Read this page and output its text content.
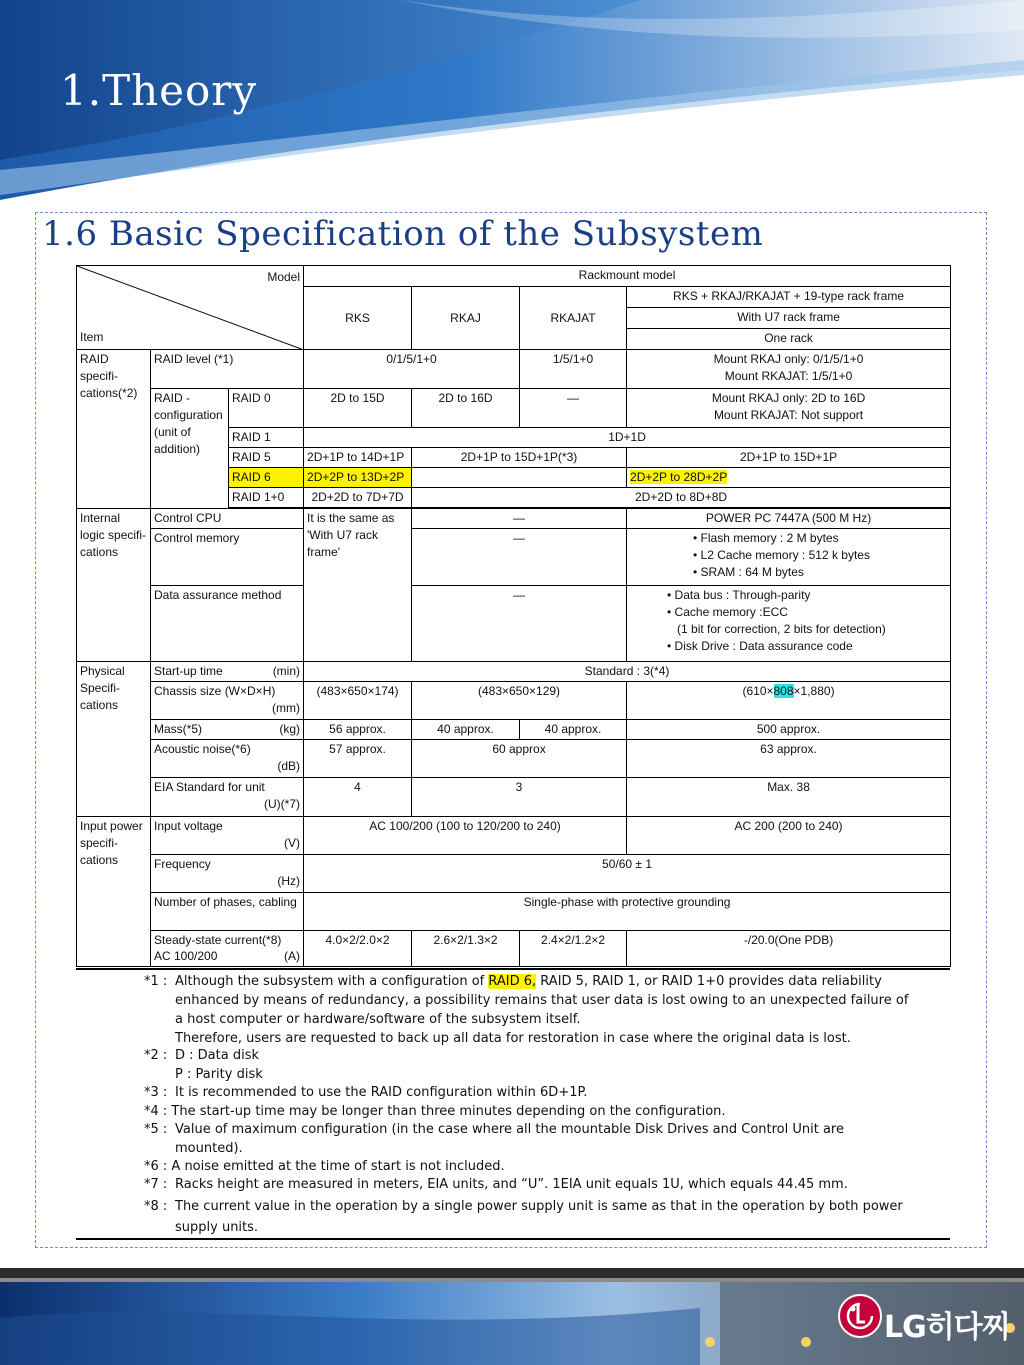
1.Theory
1.6 Basic Specification of the Subsystem
Model
Item			Rackmount model			
			RKS	RKAJ	RKAJAT	RKS + RKAJ/RKAJAT + 19-type rack frame
						With U7 rack frame
						One rack
RAID specifi-cations(*2)	RAID level (*1)		0/1/5/1+0		1/5/1+0	Mount RKAJ only: 0/1/5/1+0
Mount RKAJAT: 1/5/1+0

	RAID -configuration (unit of addition)	RAID 0	2D to 15D	2D to 16D	—	Mount RKAJ only: 2D to 16D
Mount RKAJAT: Not support

		RAID 1	1D+1D			
		RAID 5	2D+1P to 14D+1P	2D+1P to 15D+1P(*3)		2D+1P to 15D+1P
		RAID 6	2D+2P to 13D+2P			2D+2P to 28D+2P
		RAID 1+0	2D+2D to 7D+7D	2D+2D to 8D+8D		

Internal logic specifi-cations	Control CPU		It is the same as 'With U7 rack frame'	—		POWER PC 7447A (500 M Hz)
	Control memory			—		• Flash memory : 2 M bytes
• L2 Cache memory : 512 k bytes
• SRAM : 64 M bytes

	Data assurance method			—		• Data bus : Through-parity
• Cache memory :ECC
(1 bit for correction, 2 bits for detection)
• Disk Drive : Data assurance code

Physical Specifi-cations	Start-up time (min)		Standard : 3(*4)			

	Chassis size (W×D×H)
(mm)		(483×650×174)	(483×650×129)		(610×808×1,880)

	Mass(*5) (kg)		56 approx.	40 approx.	40 approx.	500 approx.

	Acoustic noise(*6)
(dB)		57 approx.	60 approx		63 approx.

	EIA Standard for unit
(U)(*7)		4	3		Max. 38
Input power specifi-cations	Input voltage
(V)		AC 100/200 (100 to 120/200 to 240)			AC 200 (200 to 240)

	Frequency
(Hz)		50/60 ± 1			
	Number of phases, cabling		Single-phase with protective grounding			

	Steady-state current(*8) AC 100/200 (A)		4.0×2/2.0×2	2.6×2/1.3×2	2.4×2/1.2×2	-/20.0(One PDB)
*1 : Although the subsystem with a configuration of RAID 6, RAID 5, RAID 1, or RAID 1+0 provides data reliability
enhanced by means of redundancy, a possibility remains that user data is lost owing to an unexpected failure of
a host computer or hardware/software of the subsystem itself.
Therefore, users are requested to back up all data for restoration in case where the original data is lost.
*2 : D : Data disk
P : Parity disk
*3 : It is recommended to use the RAID configuration within 6D+1P.
*4 : The start-up time may be longer than three minutes depending on the configuration.
*5 : Value of maximum configuration (in the case where all the mountable Disk Drives and Control Unit are
mounted).
*6 : A noise emitted at the time of start is not included.
*7 : Racks height are measured in meters, EIA units, and “U”. 1EIA unit equals 1U, which equals 44.45 mm.
*8 : The current value in the operation by a single power supply unit is same as that in the operation by both power
supply units.
LG히다찌
